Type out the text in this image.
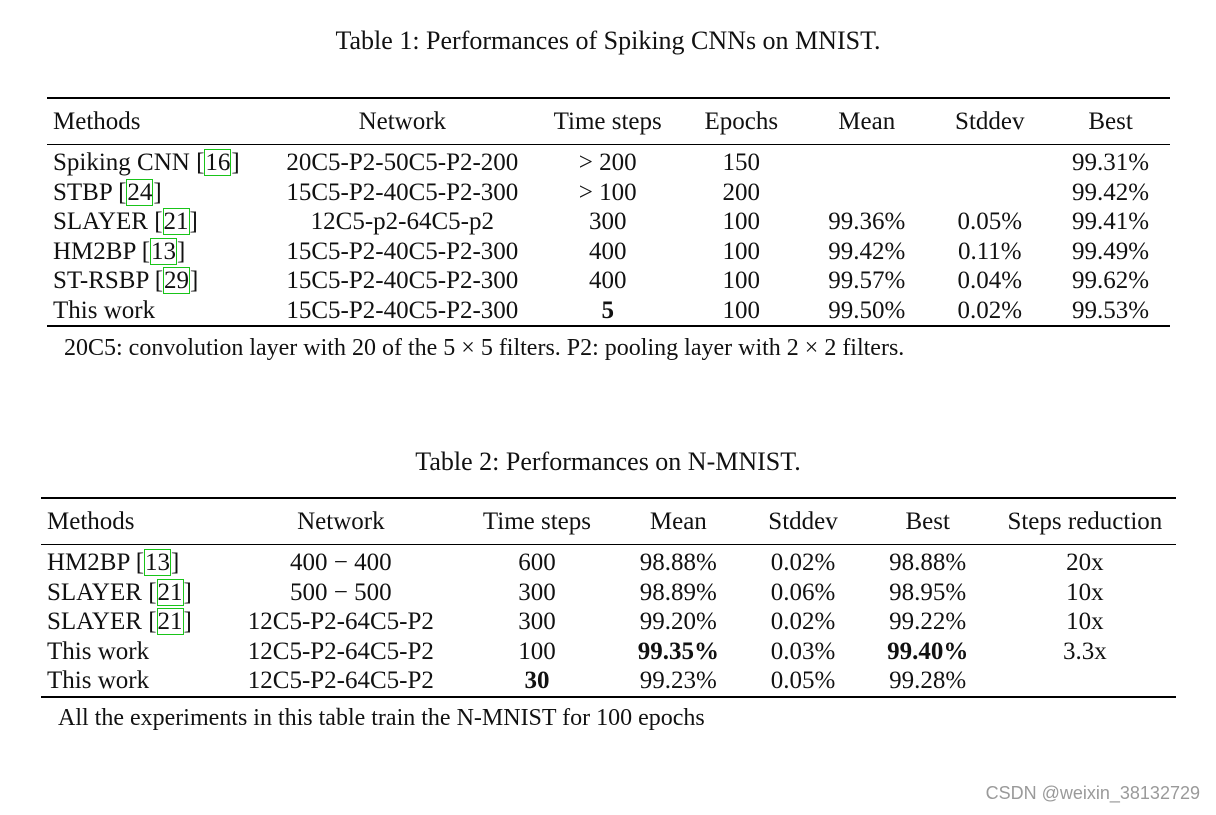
Table 1: Performances of Spiking CNNs on MNIST.
Methods	Network	Time steps	Epochs	Mean	Stddev	Best
Spiking CNN [16]	20C5-P2-50C5-P2-200	> 200	150			99.31%
STBP [24]	15C5-P2-40C5-P2-300	> 100	200			99.42%
SLAYER [21]	12C5-p2-64C5-p2	300	100	99.36%	0.05%	99.41%
HM2BP [13]	15C5-P2-40C5-P2-300	400	100	99.42%	0.11%	99.49%
ST-RSBP [29]	15C5-P2-40C5-P2-300	400	100	99.57%	0.04%	99.62%
This work	15C5-P2-40C5-P2-300	5	100	99.50%	0.02%	99.53%
20C5: convolution layer with 20 of the 5 × 5 filters. P2: pooling layer with 2 × 2 filters.
Table 2: Performances on N-MNIST.
Methods	Network	Time steps	Mean	Stddev	Best	Steps reduction
HM2BP [13]	400 − 400	600	98.88%	0.02%	98.88%	20x
SLAYER [21]	500 − 500	300	98.89%	0.06%	98.95%	10x
SLAYER [21]	12C5-P2-64C5-P2	300	99.20%	0.02%	99.22%	10x
This work	12C5-P2-64C5-P2	100	99.35%	0.03%	99.40%	3.3x
This work	12C5-P2-64C5-P2	30	99.23%	0.05%	99.28%	
All the experiments in this table train the N-MNIST for 100 epochs
CSDN @weixin_38132729
